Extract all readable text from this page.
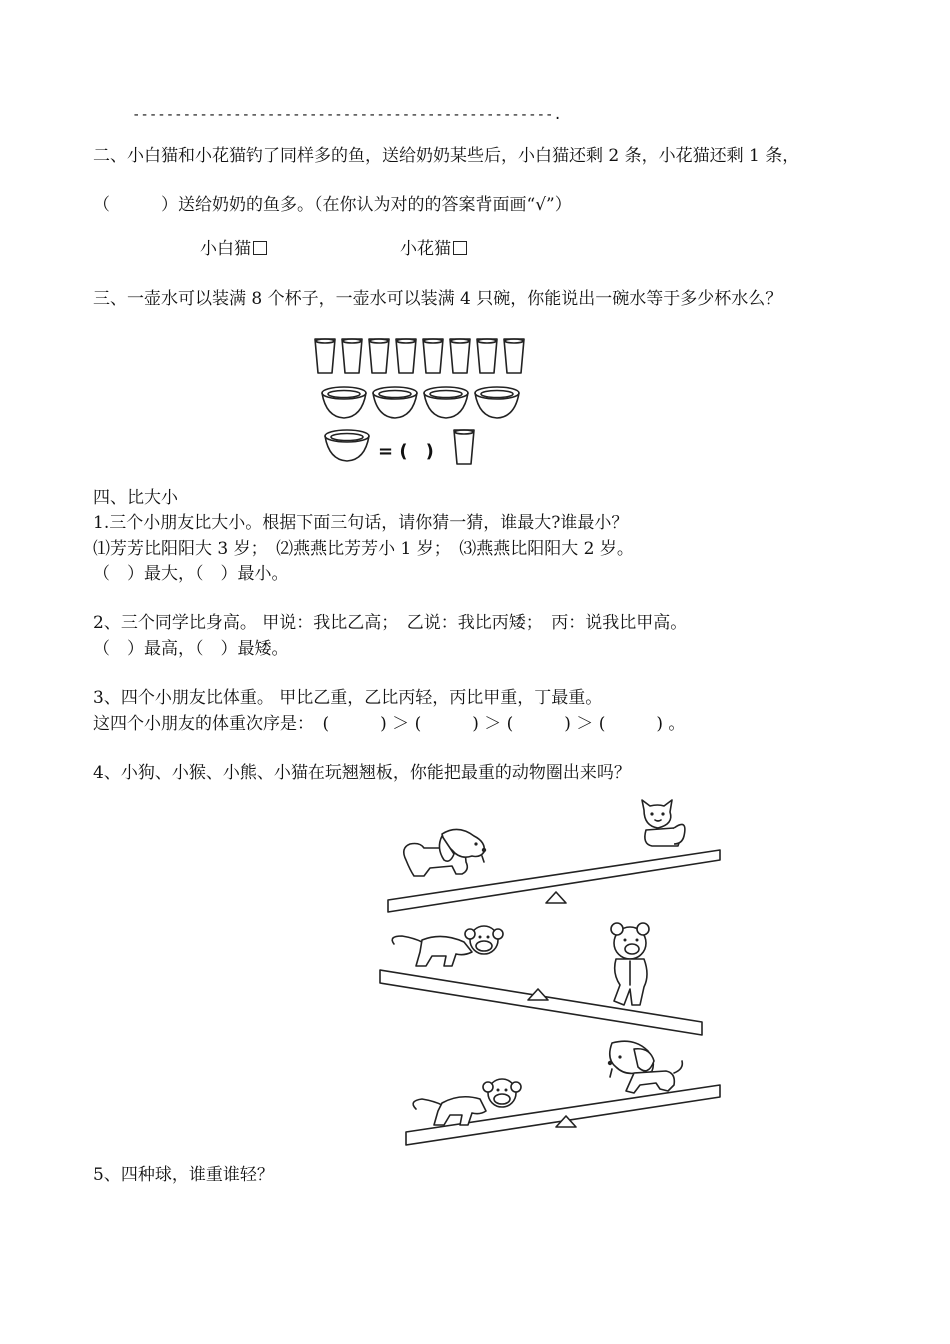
--------------------------------------------------.
二、小白猫和小花猫钓了同样多的鱼，送给奶奶某些后，小白猫还剩 2 条，小花猫还剩 1 条，
（　　　）送给奶奶的鱼多。（在你认为对的的答案背面画“√”）
小白猫	小花猫
三、一壶水可以装满 8 个杯子，一壶水可以装满 4 只碗，你能说出一碗水等于多少杯水么？
= (　)
四、比大小
1.三个小朋友比大小。根据下面三句话，请你猜一猜，谁最大?谁最小？
⑴芳芳比阳阳大 3 岁；　⑵燕燕比芳芳小 1 岁；　⑶燕燕比阳阳大 2 岁。
（　）最大，（　）最小。
2、三个同学比身高。 甲说：我比乙高；　乙说：我比丙矮；　丙：说我比甲高。
（　）最高，（　）最矮。
3、四个小朋友比体重。 甲比乙重，乙比丙轻，丙比甲重，丁最重。
这四个小朋友的体重次序是：　(　　　) ＞ (　　　) ＞ (　　　) ＞ (　　　) 。
4、小狗、小猴、小熊、小猫在玩翘翘板，你能把最重的动物圈出来吗？
5、四种球，谁重谁轻？
